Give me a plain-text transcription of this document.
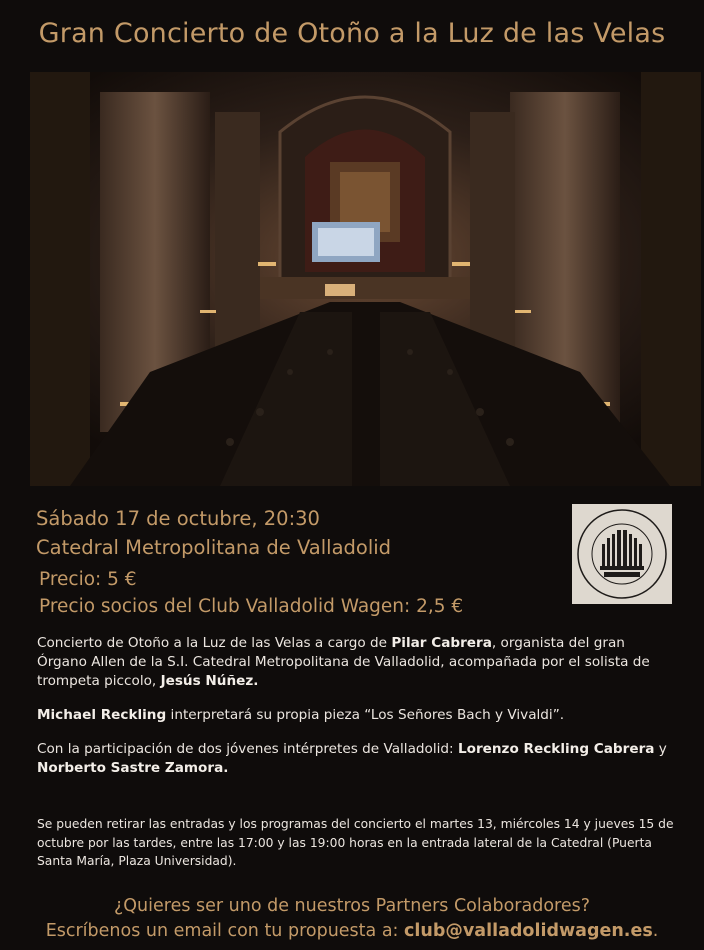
Gran Concierto de Otoño a la Luz de las Velas
Sábado 17 de octubre, 20:30
Catedral Metropolitana de Valladolid
Precio: 5 €
Precio socios del Club Valladolid Wagen: 2,5 €

Concierto de Otoño a la Luz de las Velas a cargo de Pilar Cabrera, organista del gran Órgano Allen de la S.I. Catedral Metropolitana de Valladolid, acompañada por el solista de trompeta piccolo, Jesús Núñez.

Michael Reckling interpretará su propia pieza “Los Señores Bach y Vivaldi”.

Con la participación de dos jóvenes intérpretes de Valladolid: Lorenzo Reckling Cabrera y Norberto Sastre Zamora.

Se pueden retirar las entradas y los programas del concierto el martes 13, miércoles 14 y jueves 15 de octubre por las tardes, entre las 17:00 y las 19:00 horas en la entrada lateral de la Catedral (Puerta Santa María, Plaza Universidad).
¿Quieres ser uno de nuestros Partners Colaboradores?
Escríbenos un email con tu propuesta a: club@valladolidwagen.es.
